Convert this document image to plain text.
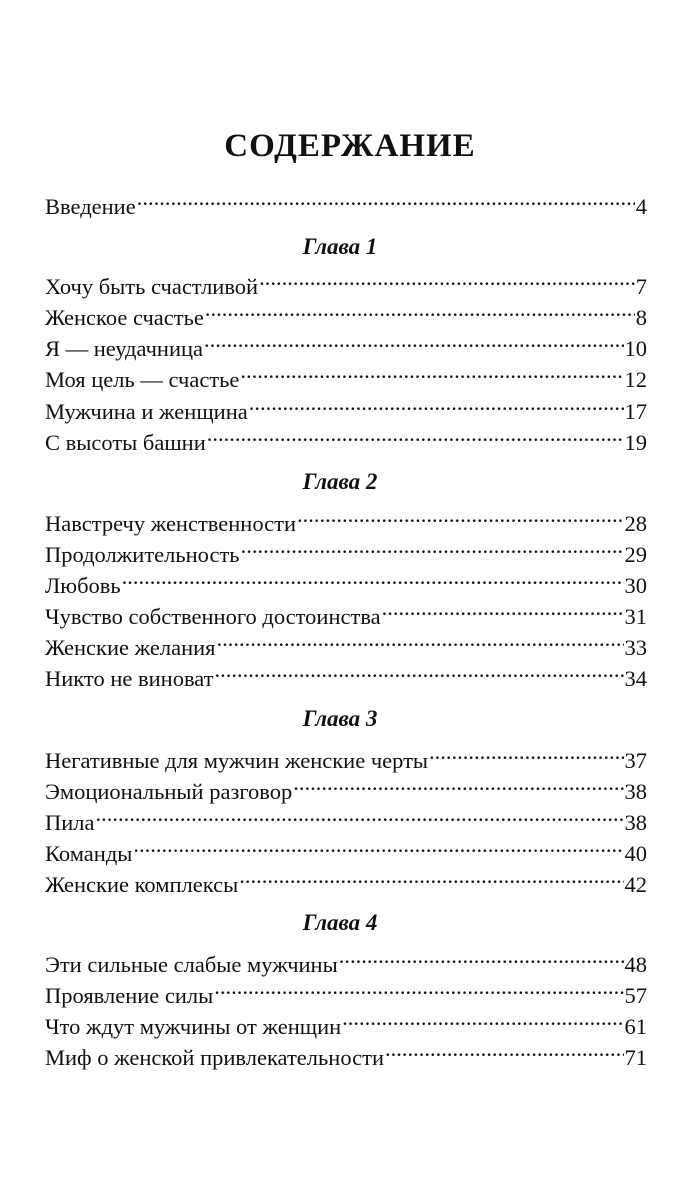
СОДЕРЖАНИЕ
Введение .....	4
Глава 1
Хочу быть счастливой .....	7
Женское счастье .....	8
Я — неудачница .....	10
Моя цель — счастье .....	12
Мужчина и женщина .....	17
С высоты башни .....	19
Глава 2
Навстречу женственности .....	28
Продолжительность .....	29
Любовь .....	30
Чувство собственного достоинства .....	31
Женские желания .....	33
Никто не виноват .....	34
Глава 3
Негативные для мужчин женские черты .....	37
Эмоциональный разговор .....	38
Пила .....	38
Команды .....	40
Женские комплексы .....	42
Глава 4
Эти сильные слабые мужчины .....	48
Проявление силы .....	57
Что ждут мужчины от женщин .....	61
Миф о женской привлекательности .....	71
